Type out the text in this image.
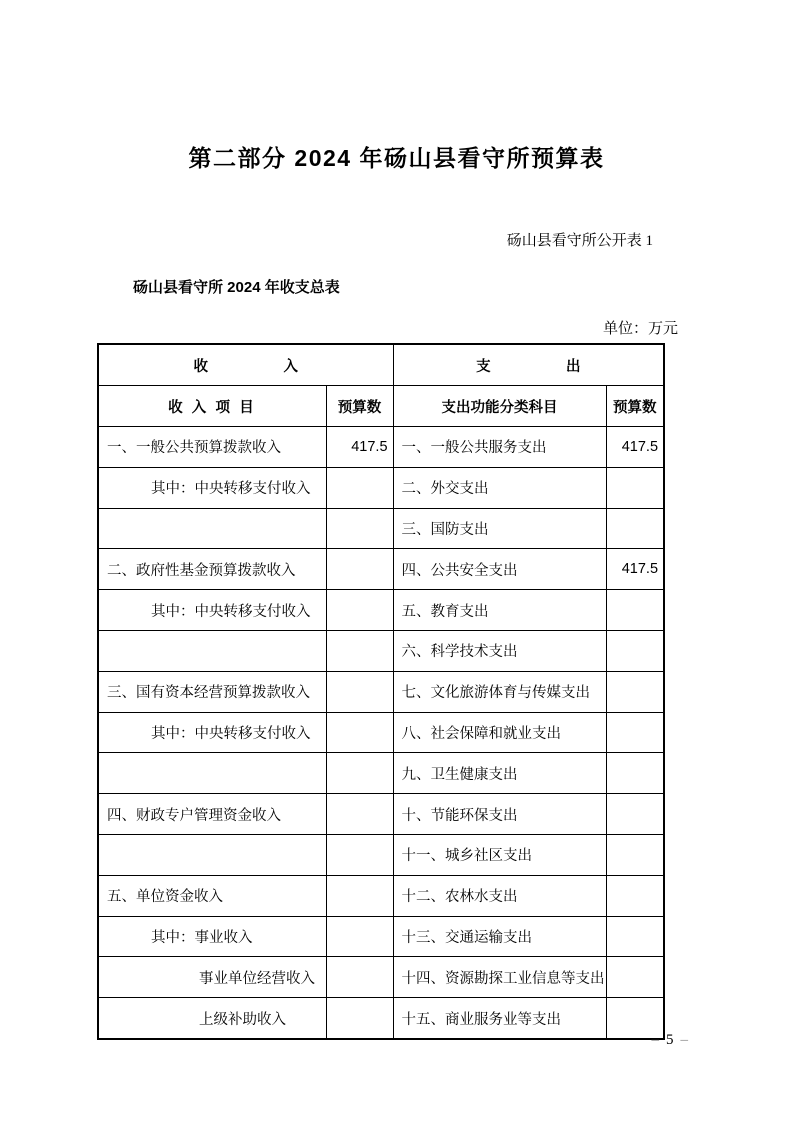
第二部分 2024 年砀山县看守所预算表
砀山县看守所公开表 1
砀山县看守所 2024 年收支总表
单位：万元
收入		支出	
收 入 项 目	预算数	支出功能分类科目	预算数
一、一般公共预算拨款收入	417.5	一、一般公共服务支出	417.5
其中：中央转移支付收入		二、外交支出	
		三、国防支出	
二、政府性基金预算拨款收入		四、公共安全支出	417.5
其中：中央转移支付收入		五、教育支出	
		六、科学技术支出	
三、国有资本经营预算拨款收入		七、文化旅游体育与传媒支出	
其中：中央转移支付收入		八、社会保障和就业支出	
		九、卫生健康支出	
四、财政专户管理资金收入		十、节能环保支出	
		十一、城乡社区支出	
五、单位资金收入		十二、农林水支出	
其中：事业收入		十三、交通运输支出	
事业单位经营收入		十四、资源勘探工业信息等支出	
上级补助收入		十五、商业服务业等支出	
– 5 –
